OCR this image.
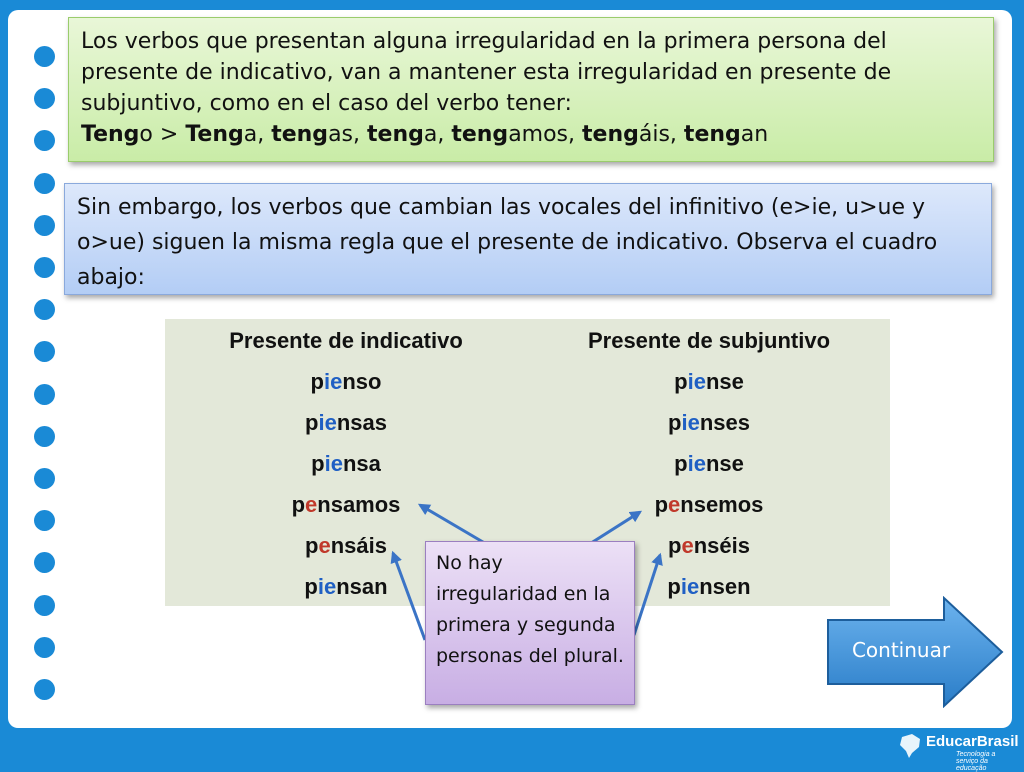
Los verbos que presentan alguna irregularidad en la primera persona del
presente de indicativo, van a mantener esta irregularidad en presente de
subjuntivo, como en el caso del verbo tener:
Tengo > Tenga, tengas, tenga, tengamos, tengáis, tengan
Sin embargo, los verbos que cambian las vocales del infinitivo (e>ie, u>ue y
o>ue) siguen la misma regla que el presente de indicativo. Observa el cuadro
abajo:
Presente de indicativo
pienso
piensas
piensa
pensamos
pensáis
piensan
Presente de subjuntivo
piense
pienses
piense
pensemos
penséis
piensen
No hay irregularidad en la primera y segunda personas del plural.	Continuar
EducarBrasil
Tecnologia a serviço da educação
